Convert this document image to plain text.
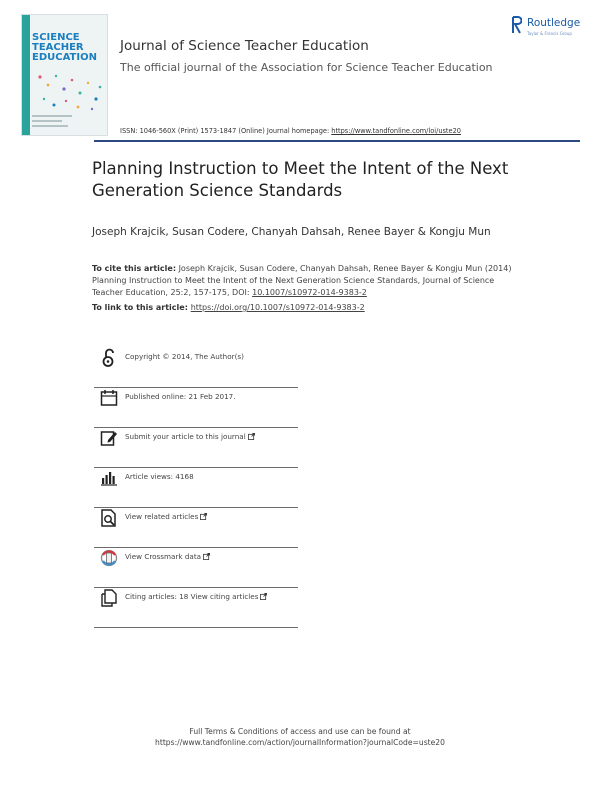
SCIENCE
TEACHER
EDUCATION
Journal of Science Teacher Education
The official journal of the Association for Science Teacher Education
Routledge
Taylor & Francis Group
ISSN: 1046-560X (Print) 1573-1847 (Online) Journal homepage: https://www.tandfonline.com/loi/uste20
Planning Instruction to Meet the Intent of the Next Generation Science Standards
Joseph Krajcik, Susan Codere, Chanyah Dahsah, Renee Bayer & Kongju Mun
To cite this article: Joseph Krajcik, Susan Codere, Chanyah Dahsah, Renee Bayer & Kongju Mun (2014) Planning Instruction to Meet the Intent of the Next Generation Science Standards, Journal of Science Teacher Education, 25:2, 157-175, DOI: 10.1007/s10972-014-9383-2
To link to this article: https://doi.org/10.1007/s10972-014-9383-2
Copyright © 2014, The Author(s)
Published online: 21 Feb 2017.
Submit your article to this journal
Article views: 4168
View related articles
View Crossmark data
Citing articles: 18 View citing articles
Full Terms & Conditions of access and use can be found at
https://www.tandfonline.com/action/journalInformation?journalCode=uste20
